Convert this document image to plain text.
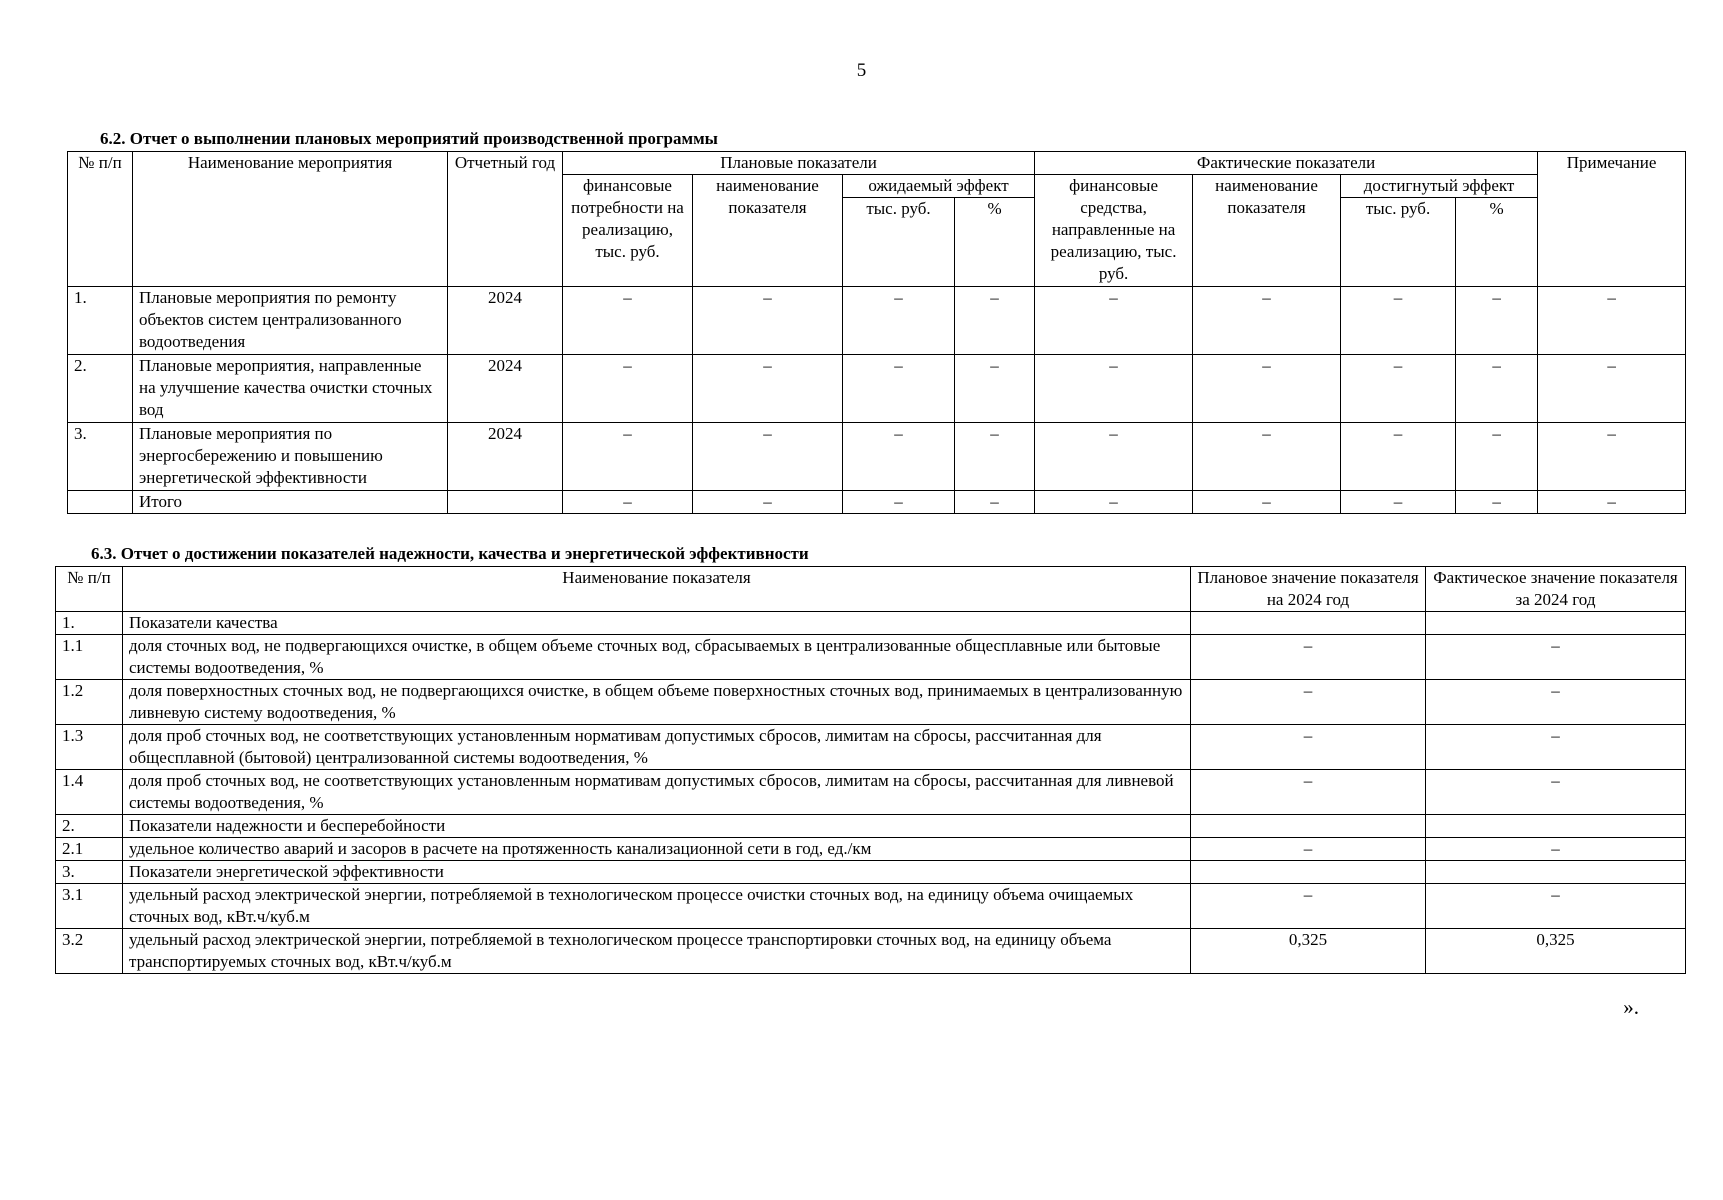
5
6.2. Отчет о выполнении плановых мероприятий производственной программы
№ п/п	Наименование мероприятия	Отчетный год	Плановые показатели				Фактические показатели				Примечание
			финансовые потребности на реализацию, тыс. руб.	наименование показателя	ожидаемый эффект		финансовые средства, направленные на реализацию, тыс. руб.	наименование показателя	достигнутый эффект		
					тыс. руб.	%			тыс. руб.	%	
1.	Плановые мероприятия по ремонту объектов систем централизованного водоотведения	2024	–	–	–	–	–	–	–	–	–
2.	Плановые мероприятия, направленные на улучшение качества очистки сточных вод	2024	–	–	–	–	–	–	–	–	–
3.	Плановые мероприятия по энергосбережению и повышению энергетической эффективности	2024	–	–	–	–	–	–	–	–	–
	Итого		–	–	–	–	–	–	–	–	–
6.3. Отчет о достижении показателей надежности, качества и энергетической эффективности
№ п/п	Наименование показателя	Плановое значение показателя на 2024 год	Фактическое значение показателя за 2024 год
1.	Показатели качества		
1.1	доля сточных вод, не подвергающихся очистке, в общем объеме сточных вод, сбрасываемых в централизованные общесплавные или бытовые системы водоотведения, %	–	–
1.2	доля поверхностных сточных вод, не подвергающихся очистке, в общем объеме поверхностных сточных вод, принимаемых в централизованную ливневую систему водоотведения, %	–	–
1.3	доля проб сточных вод, не соответствующих установленным нормативам допустимых сбросов, лимитам на сбросы, рассчитанная для общесплавной (бытовой) централизованной системы водоотведения, %	–	–
1.4	доля проб сточных вод, не соответствующих установленным нормативам допустимых сбросов, лимитам на сбросы, рассчитанная для ливневой системы водоотведения, %	–	–
2.	Показатели надежности и бесперебойности		
2.1	удельное количество аварий и засоров в расчете на протяженность канализационной сети в год, ед./км	–	–
3.	Показатели энергетической эффективности		
3.1	удельный расход электрической энергии, потребляемой в технологическом процессе очистки сточных вод, на единицу объема очищаемых сточных вод, кВт.ч/куб.м	–	–
3.2	удельный расход электрической энергии, потребляемой в технологическом процессе транспортировки сточных вод, на единицу объема транспортируемых сточных вод, кВт.ч/куб.м	0,325	0,325
».
